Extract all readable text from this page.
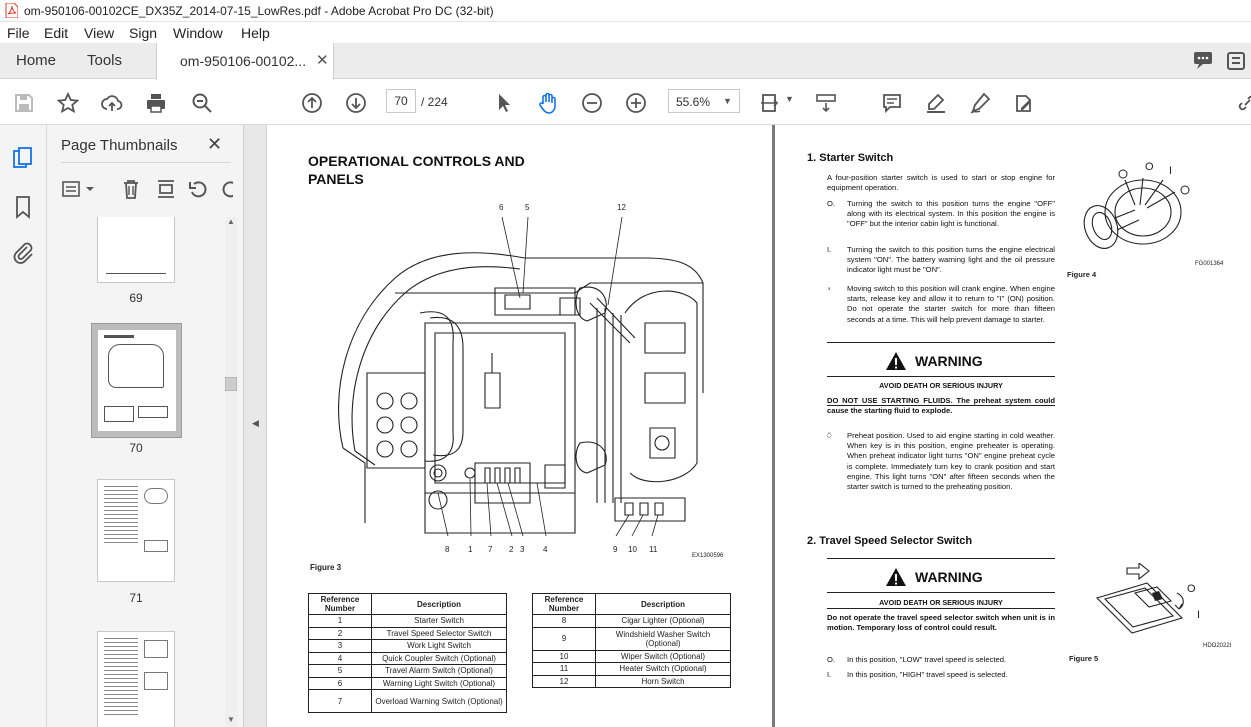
om-950106-00102CE_DX35Z_2014-07-15_LowRes.pdf - Adobe Acrobat Pro DC (32-bit)
File Edit View Sign Window Help
Home Tools	om-950106-00102... ✕
▼
70	/ 224	55.6% ▼
Page Thumbnails ✕
69
70
71
▲
▼
◀
OPERATIONAL CONTROLS AND
PANELS
6	5	12
8 1 7 2 3 4	9 10 11
EX1300596
Figure 3
Reference Number	Description
1	Starter Switch
2	Travel Speed Selector Switch
3	Work Light Switch
4	Quick Coupler Switch (Optional)
5	Travel Alarm Switch (Optional)
6	Warning Light Switch (Optional)
7	Overload Warning Switch (Optional)
Reference Number	Description
8	Cigar Lighter (Optional)
9	Windshield Washer Switch (Optional)
10	Wiper Switch (Optional)
11	Heater Switch (Optional)
12	Horn Switch
1. Starter Switch
A four-position starter switch is used to start or stop engine for equipment operation.
O.	Turning the switch to this position turns the engine "OFF" along with its electrical system. In this position the engine is "OFF" but the interior cabin light is functional.
I.	Turning the switch to this position turns the engine electrical system "ON". The battery warning light and the oil pressure indicator light must be "ON".
⍤	Moving switch to this position will crank engine. When engine starts, release key and allow it to return to "I" (ON) position. Do not operate the starter switch for more than fifteen seconds at a time. This will help prevent damage to starter.
WARNING
AVOID DEATH OR SERIOUS INJURY
DO NOT USE STARTING FLUIDS. The preheat system could cause the starting fluid to explode.
⍥	Preheat position. Used to aid engine starting in cold weather. When key is in this position, engine preheater is operating. When preheat indicator light turns "ON" engine preheat cycle is complete. Immediately turn key to crank position and start engine. This light turns "ON" after fifteen seconds when the starter switch is turned to the preheating position.
O I
Figure 4
FG001364
2. Travel Speed Selector Switch
WARNING
AVOID DEATH OR SERIOUS INJURY
Do not operate the travel speed selector switch when unit is in motion. Temporary loss of control could result.
O.	In this position, "LOW" travel speed is selected.
I.	In this position, "HIGH" travel speed is selected.
O
I
Figure 5
HDO2022I
